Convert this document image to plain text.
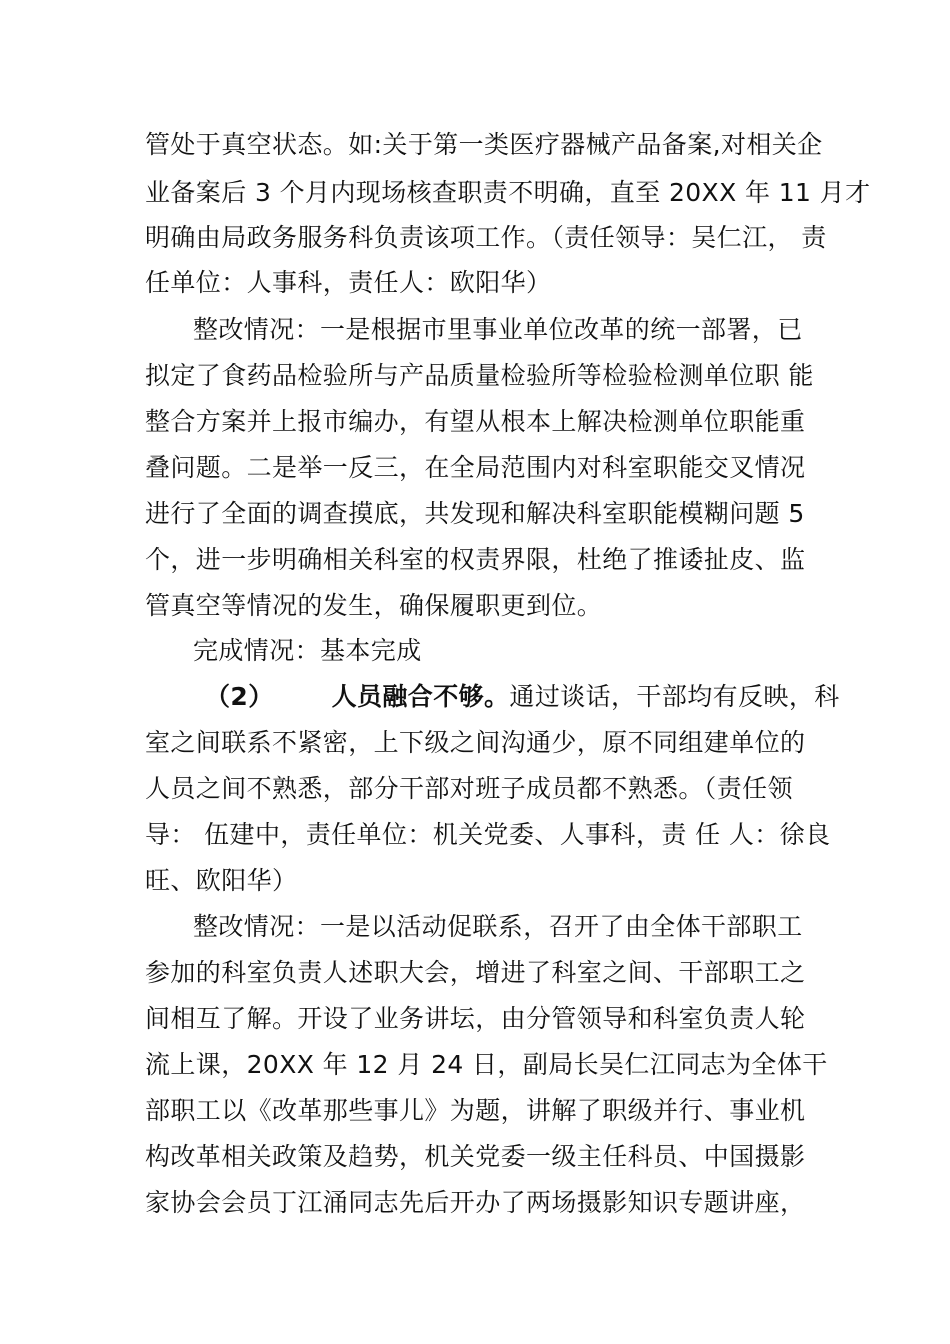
管处于真空状态。如:关于第一类医疗器械产品备案,对相关企
业备案后 3 个月内现场核查职责不明确，直至 20XX 年 11 月才
明确由局政务服务科负责该项工作。（责任领导：吴仁江， 责
任单位：人事科，责任人：欧阳华）
整改情况：一是根据市里事业单位改革的统一部署，已
拟定了食药品检验所与产品质量检验所等检验检测单位职 能
整合方案并上报市编办，有望从根本上解决检测单位职能重
叠问题。二是举一反三，在全局范围内对科室职能交叉情况
进行了全面的调查摸底，共发现和解决科室职能模糊问题 5
个，进一步明确相关科室的权责界限，杜绝了推诿扯皮、监
管真空等情况的发生，确保履职更到位。
完成情况：基本完成
（2） 人员融合不够。通过谈话，干部均有反映，科
室之间联系不紧密，上下级之间沟通少，原不同组建单位的
人员之间不熟悉，部分干部对班子成员都不熟悉。（责任领
导： 伍建中，责任单位：机关党委、人事科，责 任 人：徐良
旺、欧阳华）
整改情况：一是以活动促联系，召开了由全体干部职工
参加的科室负责人述职大会，增进了科室之间、干部职工之
间相互了解。开设了业务讲坛，由分管领导和科室负责人轮
流上课，20XX 年 12 月 24 日，副局长吴仁江同志为全体干
部职工以《改革那些事儿》为题，讲解了职级并行、事业机
构改革相关政策及趋势，机关党委一级主任科员、中国摄影
家协会会员丁江涌同志先后开办了两场摄影知识专题讲座，
